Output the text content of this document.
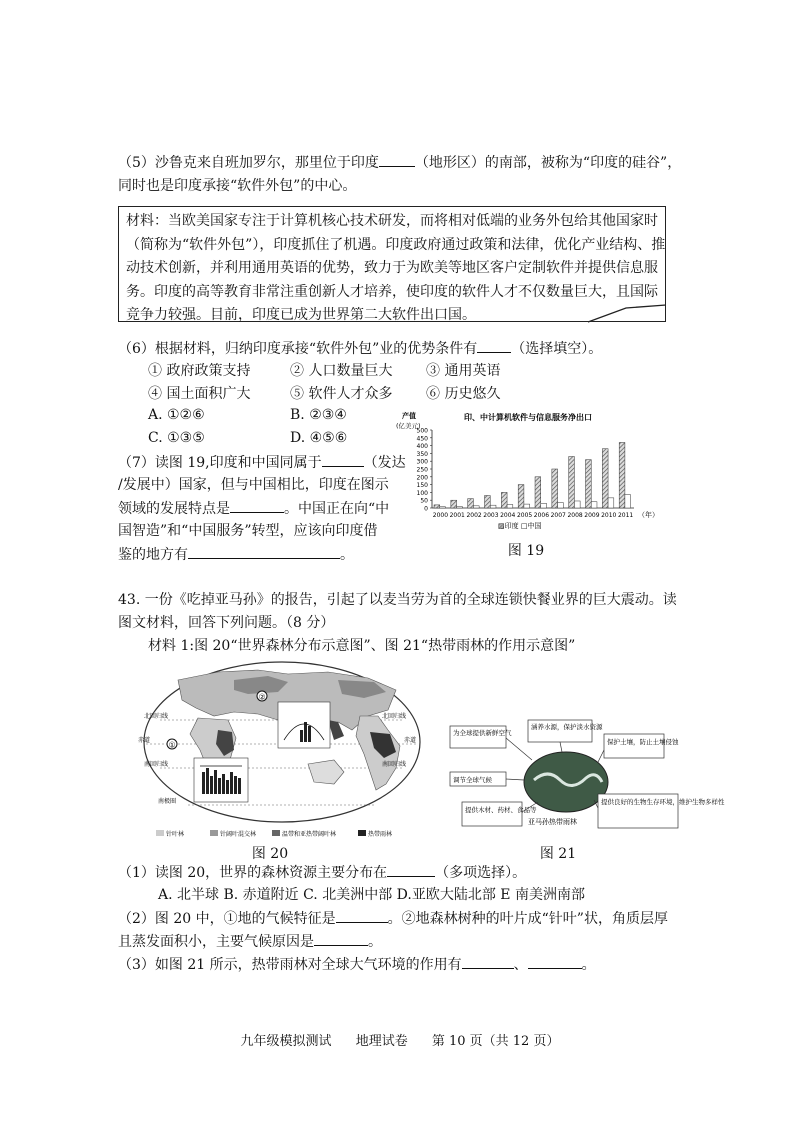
（5）沙鲁克来自班加罗尔，那里位于印度	（地形区）的南部，被称为“印度的硅谷”，
同时也是印度承接“软件外包”的中心。
材料：当欧美国家专注于计算机核心技术研发，而将相对低端的业务外包给其他国家时（简称为“软件外包”），印度抓住了机遇。印度政府通过政策和法律，优化产业结构、推动技术创新，并利用通用英语的优势，致力于为欧美等地区客户定制软件并提供信息服务。印度的高等教育非常注重创新人才培养，使印度的软件人才不仅数量巨大，且国际竞争力较强。目前，印度已成为世界第二大软件出口国。
（6）根据材料，归纳印度承接“软件外包”业的优势条件有 （选择填空）。
① 政府政策支持	② 人口数量巨大 ③ 通用英语
④ 国土面积广大	⑤ 软件人才众多 ⑥ 历史悠久
A. ①②⑥	B. ②③④
C. ①③⑤	D. ④⑤⑥
（7）读图 19,印度和中国同属于	（发达
/发展中）国家，但与中国相比，印度在图示
领域的发展特点是	。中国正在向“中
国智造”和“中国服务”转型，应该向印度借
鉴的地方有	。
印、中计算机软件与信息服务净出口
产值
(亿美元)
0
50
100
150
200
250
300
350
400
450
500
2000 2001 2002 2003 2004 2005 2006 2007 2008 2009 2010 2011 （年）
▨印度 □中国
图 19
43. 一份《吃掉亚马孙》的报告，引起了以麦当劳为首的全球连锁快餐业界的巨大震动。读
图文材料，回答下列问题。（8 分）
材料 1:图 20“世界森林分布示意图”、图 21“热带雨林的作用示意图”
①
②
北回归线
赤道
南回归线
南极圈
北回归线
赤道
南回归线
针叶林	针阔叶混交林	温带和亚热带阔叶林	热带雨林
图 20
亚马孙热带雨林
为全球提供新鲜空气
涵养水源，保护淡水资源
保护土壤，防止土壤侵蚀
调节全球气候
提供木材、药材、食品等
提供良好的生物生存环境，维护生物多样性
图 21
（1）读图 20，世界的森林资源主要分布在	（多项选择）。
A. 北半球 B. 赤道附近 C. 北美洲中部 D.亚欧大陆北部 E 南美洲南部
（2）图 20 中，①地的气候特征是	。②地森林树种的叶片成“针叶”状，角质层厚
且蒸发面积小，主要气候原因是	。
（3）如图 21 所示，热带雨林对全球大气环境的作用有	、	。
九年级模拟测试 地理试卷 第 10 页（共 12 页）
